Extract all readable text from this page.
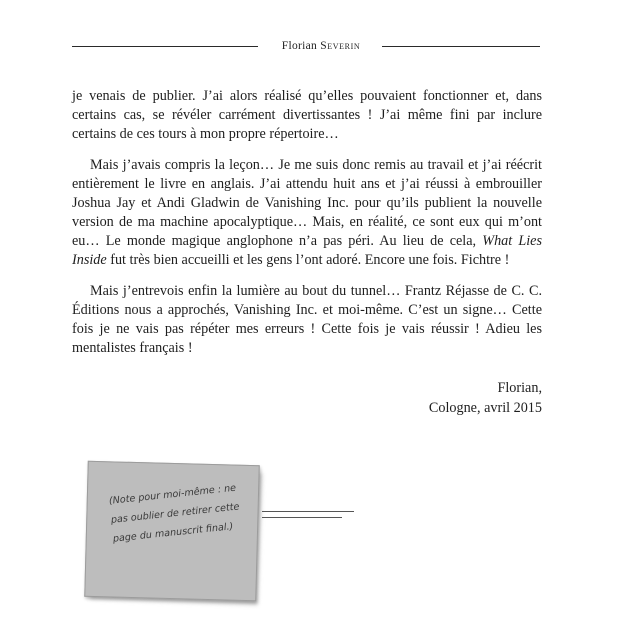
Florian Severin

je venais de publier. J’ai alors réalisé qu’elles pouvaient fonctionner et, dans certains cas, se révéler carrément divertissantes ! J’ai même fini par inclure certains de ces tours à mon propre répertoire…

Mais j’avais compris la leçon… Je me suis donc remis au travail et j’ai réécrit entièrement le livre en anglais. J’ai attendu huit ans et j’ai réussi à embrouiller Joshua Jay et Andi Gladwin de Vanishing Inc. pour qu’ils publient la nouvelle version de ma machine apocalyptique… Mais, en réalité, ce sont eux qui m’ont eu… Le monde magique anglophone n’a pas péri. Au lieu de cela, What Lies Inside fut très bien accueilli et les gens l’ont adoré. Encore une fois. Fichtre !

Mais j’entrevois enfin la lumière au bout du tunnel… Frantz Réjasse de C. C. Éditions nous a approchés, Vanishing Inc. et moi-même. C’est un signe… Cette fois je ne vais pas répéter mes erreurs ! Cette fois je vais réussir ! Adieu les mentalistes français !

Florian,
Cologne, avril 2015
(Note pour moi-même : ne
pas oublier de retirer cette
page du manuscrit final.)
